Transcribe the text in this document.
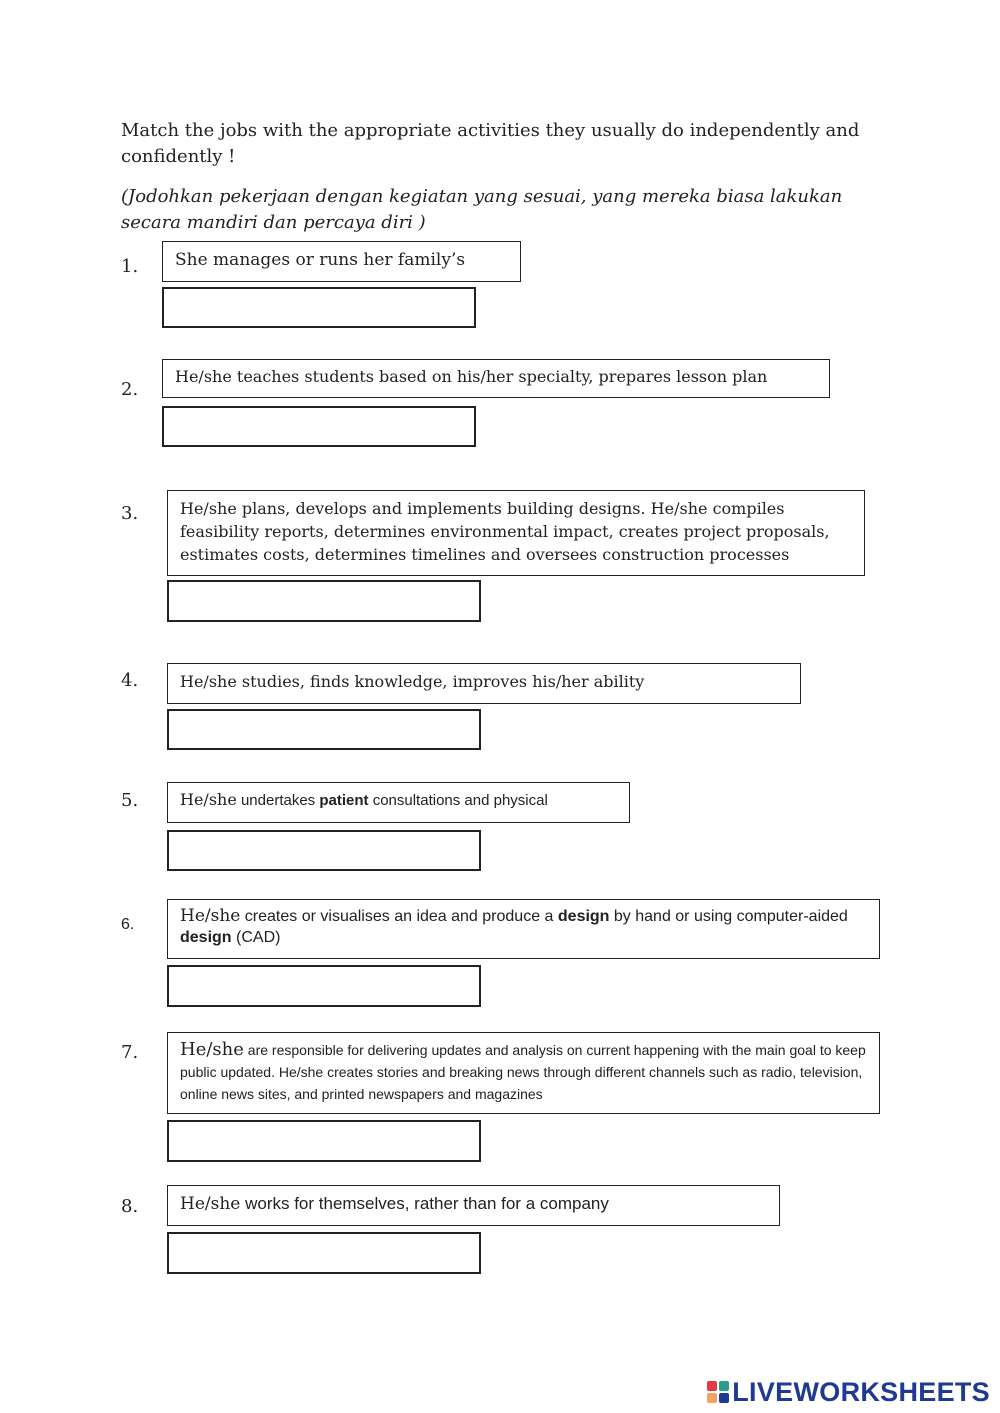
Match the jobs with the appropriate activities they usually do independently and confidently !

(Jodohkan pekerjaan dengan kegiatan yang sesuai, yang mereka biasa lakukan secara mandiri dan percaya diri )

1.	She manages or runs her family’s

2.

He/she teaches students based on his/her specialty, prepares lesson plan

3.	He/she plans, develops and implements building designs. He/she compiles feasibility reports, determines environmental impact, creates project proposals, estimates costs, determines timelines and oversees construction processes

4.	He/she studies, finds knowledge, improves his/her ability

5.	He/she undertakes patient consultations and physical

6.	He/she creates or visualises an idea and produce a design by hand or using computer-aided design (CAD)

7.	He/she are responsible for delivering updates and analysis on current happening with the main goal to keep public updated. He/she creates stories and breaking news through different channels such as radio, television, online news sites, and printed newspapers and magazines

8.	He/she works for themselves, rather than for a company

LIVEWORKSHEETS
